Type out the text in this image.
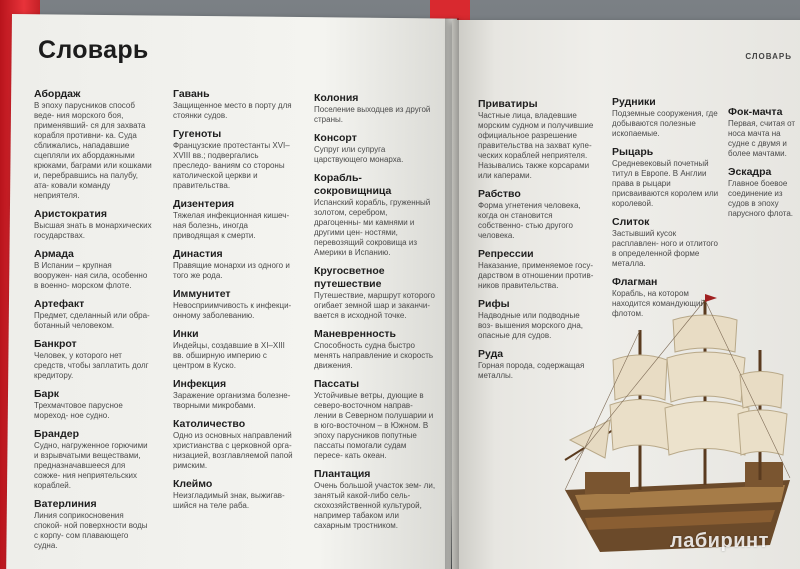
Словарь	СЛОВАРЬ
Абордаж
В эпоху парусников способ веде- ния морского боя, применявший- ся для захвата корабля противни- ка. Суда сближались, нападавшие сцепляли их абордажными крюками, баграми или кошками и, перебравшись на палубу, ата- ковали команду неприятеля.
Аристократия
Высшая знать в монархических государствах.
Армада
В Испании – крупная вооружен- ная сила, особенно в военно- морском флоте.
Артефакт
Предмет, сделанный или обра- ботанный человеком.
Банкрот
Человек, у которого нет средств, чтобы заплатить долг кредитору.
Барк
Трехмачтовое парусное мореход- ное судно.
Брандер
Судно, нагруженное горючими и взрывчатыми веществами, предназначавшееся для сожже- ния неприятельских кораблей.
Ватерлиния
Линия соприкосновения спокой- ной поверхности воды с корпу- сом плавающего судна.
Гавань
Защищенное место в порту для стоянки судов.
Гугеноты
Французские протестанты XVI– XVIII вв.; подвергались преследо- ваниям со стороны католической церкви и правительства.
Дизентерия
Тяжелая инфекционная кишеч- ная болезнь, иногда приводящая к смерти.
Династия
Правящие монархи из одного и того же рода.
Иммунитет
Невосприимчивость к инфекци- онному заболеванию.
Инки
Индейцы, создавшие в XI–XIII вв. обширную империю с центром в Куско.
Инфекция
Заражение организма болезне- творными микробами.
Католичество
Одно из основных направлений христианства с церковной орга- низацией, возглавляемой папой римским.
Клеймо
Неизгладимый знак, выжигав- шийся на теле раба.
Колония
Поселение выходцев из другой страны.
Консорт
Супруг или супруга царствующего монарха.
Корабль-сокровищница
Испанский корабль, груженный золотом, серебром, драгоценны- ми камнями и другими цен- ностями, перевозящий сокровища из Америки в Испанию.
Кругосветное путешествие
Путешествие, маршрут которого огибает земной шар и заканчи- вается в исходной точке.
Маневренность
Способность судна быстро менять направление и скорость движения.
Пассаты
Устойчивые ветры, дующие в северо-восточном направ- лении в Северном полушарии и в юго-восточном – в Южном. В эпоху парусников попутные пассаты помогали судам пересе- кать океан.
Плантация
Очень большой участок зем- ли, занятый какой-либо сель- скохозяйственной культурой, например табаком или сахарным тростником.
Приватиры
Частные лица, владевшие морским судном и получившие официальное разрешение правительства на захват купе- ческих кораблей неприятеля. Назывались также корсарами или каперами.
Рабство
Форма угнетения человека, когда он становится собственно- стью другого человека.
Репрессии
Наказание, применяемое госу- дарством в отношении против- ников правительства.
Рифы
Надводные или подводные воз- вышения морского дна, опасные для судов.
Руда
Горная порода, содержащая металлы.
Рудники
Подземные сооружения, где добываются полезные ископаемые.
Рыцарь
Средневековый почетный титул в Европе. В Англии права в рыцари присваиваются королем или королевой.
Слиток
Застывший кусок расплавлен- ного и отлитого в определенной форме металла.
Флагман
Корабль, на котором находится командующий флотом.
Фок-мачта
Первая, считая от носа мачта на судне с двумя и более мачтами.
Эскадра
Главное боевое соединение из судов в эпоху парусного флота.
лабиринт
